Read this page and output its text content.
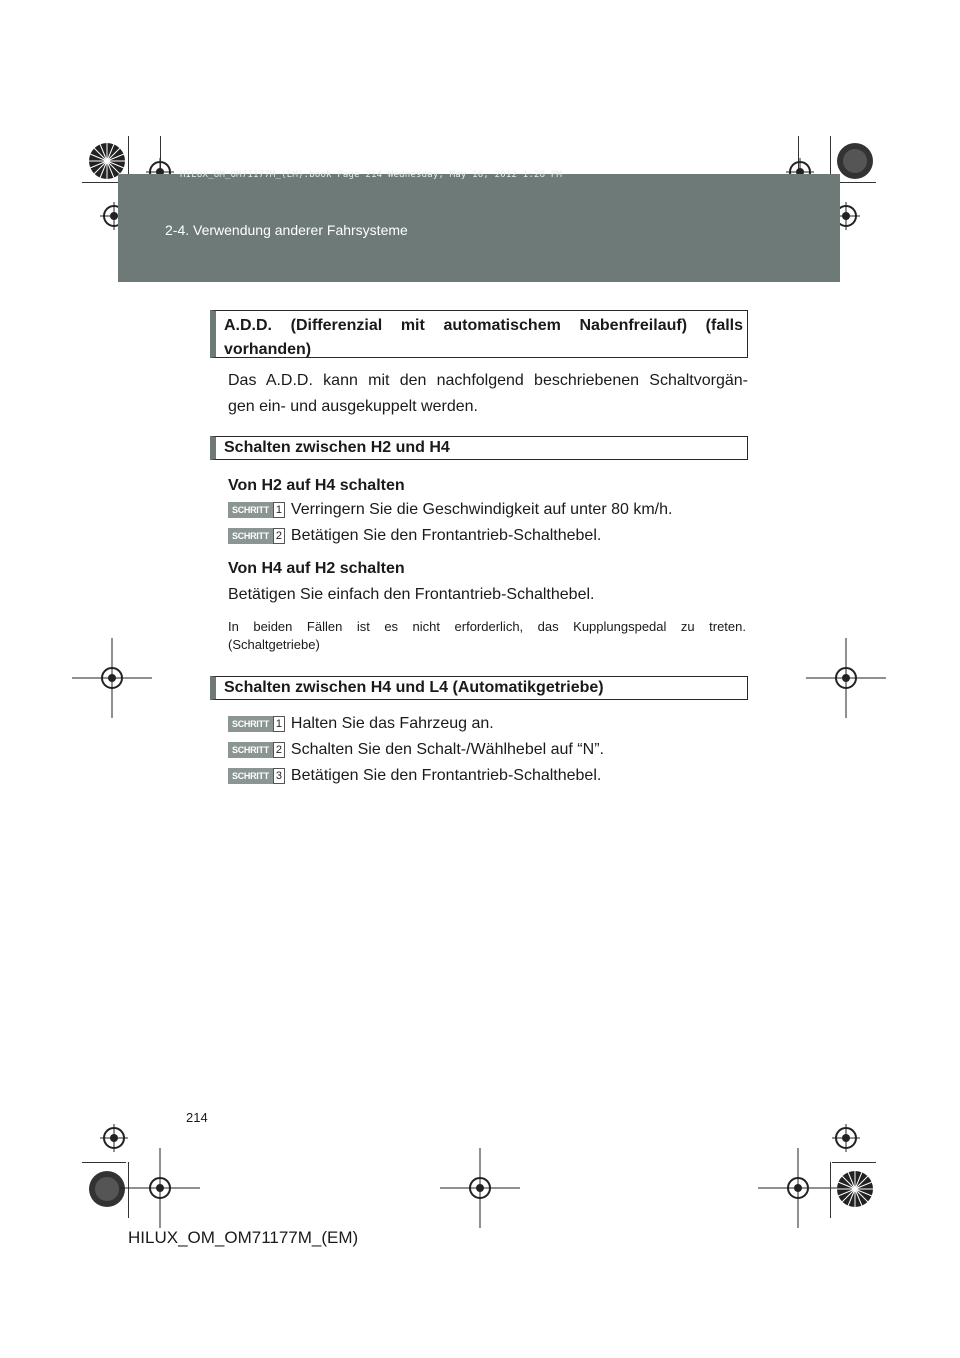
HILUX_OM_OM71177M_(EM).book Page 214 Wednesday, May 16, 2012 1:28 PM
2-4. Verwendung anderer Fahrsysteme
A.D.D. (Differenzial mit automatischem Nabenfreilauf) (falls vorhanden)
Das A.D.D. kann mit den nachfolgend beschriebenen Schaltvorgän-
gen ein- und ausgekuppelt werden.
Schalten zwischen H2 und H4
Von H2 auf H4 schalten
SCHRITT 1 Verringern Sie die Geschwindigkeit auf unter 80 km/h.
SCHRITT 2 Betätigen Sie den Frontantrieb-Schalthebel.
Von H4 auf H2 schalten
Betätigen Sie einfach den Frontantrieb-Schalthebel.
In beiden Fällen ist es nicht erforderlich, das Kupplungspedal zu treten.
(Schaltgetriebe)
Schalten zwischen H4 und L4 (Automatikgetriebe)
SCHRITT 1 Halten Sie das Fahrzeug an.
SCHRITT 2 Schalten Sie den Schalt-/Wählhebel auf “N”.
SCHRITT 3 Betätigen Sie den Frontantrieb-Schalthebel.
214
HILUX_OM_OM71177M_(EM)
